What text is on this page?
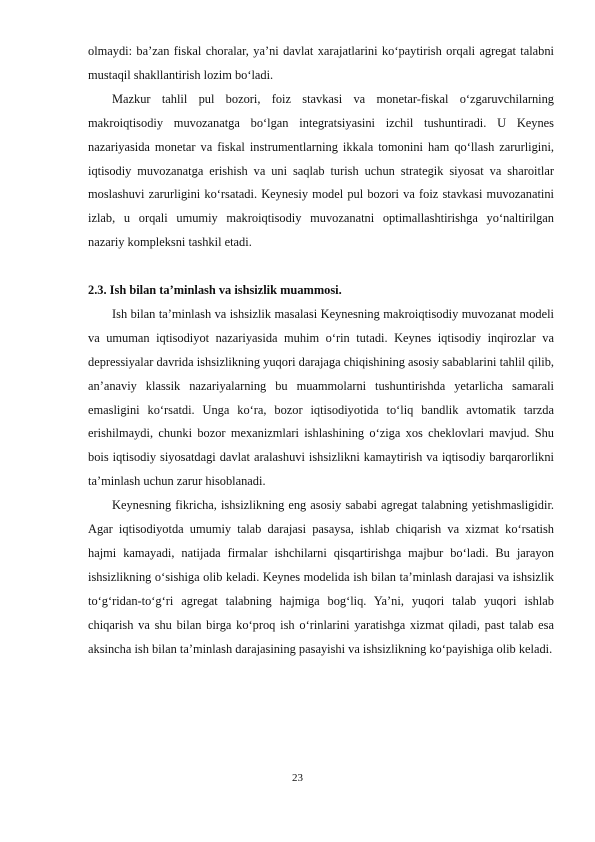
olmaydi: ba’zan fiskal choralar, ya’ni davlat xarajatlarini ko‘paytirish orqali agregat talabni mustaqil shakllantirish lozim bo‘ladi.

Mazkur tahlil pul bozori, foiz stavkasi va monetar-fiskal o‘zgaruvchilarning makroiqtisodiy muvozanatga bo‘lgan integratsiyasini izchil tushuntiradi. U Keynes nazariyasida monetar va fiskal instrumentlarning ikkala tomonini ham qo‘llash zarurligini, iqtisodiy muvozanatga erishish va uni saqlab turish uchun strategik siyosat va sharoitlar moslashuvi zarurligini ko‘rsatadi. Keynesiy model pul bozori va foiz stavkasi muvozanatini izlab, u orqali umumiy makroiqtisodiy muvozanatni optimallashtirishga yo‘naltirilgan nazariy kompleksni tashkil etadi.

2.3. Ish bilan ta’minlash va ishsizlik muammosi.

Ish bilan ta’minlash va ishsizlik masalasi Keynesning makroiqtisodiy muvozanat modeli va umuman iqtisodiyot nazariyasida muhim o‘rin tutadi. Keynes iqtisodiy inqirozlar va depressiyalar davrida ishsizlikning yuqori darajaga chiqishining asosiy sabablarini tahlil qilib, an’anaviy klassik nazariyalarning bu muammolarni tushuntirishda yetarlicha samarali emasligini ko‘rsatdi. Unga ko‘ra, bozor iqtisodiyotida to‘liq bandlik avtomatik tarzda erishilmaydi, chunki bozor mexanizmlari ishlashining o‘ziga xos cheklovlari mavjud. Shu bois iqtisodiy siyosatdagi davlat aralashuvi ishsizlikni kamaytirish va iqtisodiy barqarorlikni ta’minlash uchun zarur hisoblanadi.

Keynesning fikricha, ishsizlikning eng asosiy sababi agregat talabning yetishmasligidir. Agar iqtisodiyotda umumiy talab darajasi pasaysa, ishlab chiqarish va xizmat ko‘rsatish hajmi kamayadi, natijada firmalar ishchilarni qisqartirishga majbur bo‘ladi. Bu jarayon ishsizlikning o‘sishiga olib keladi. Keynes modelida ish bilan ta’minlash darajasi va ishsizlik to‘g‘ridan-to‘g‘ri agregat talabning hajmiga bog‘liq. Ya’ni, yuqori talab yuqori ishlab chiqarish va shu bilan birga ko‘proq ish o‘rinlarini yaratishga xizmat qiladi, past talab esa aksincha ish bilan ta’minlash darajasining pasayishi va ishsizlikning ko‘payishiga olib keladi.

23
